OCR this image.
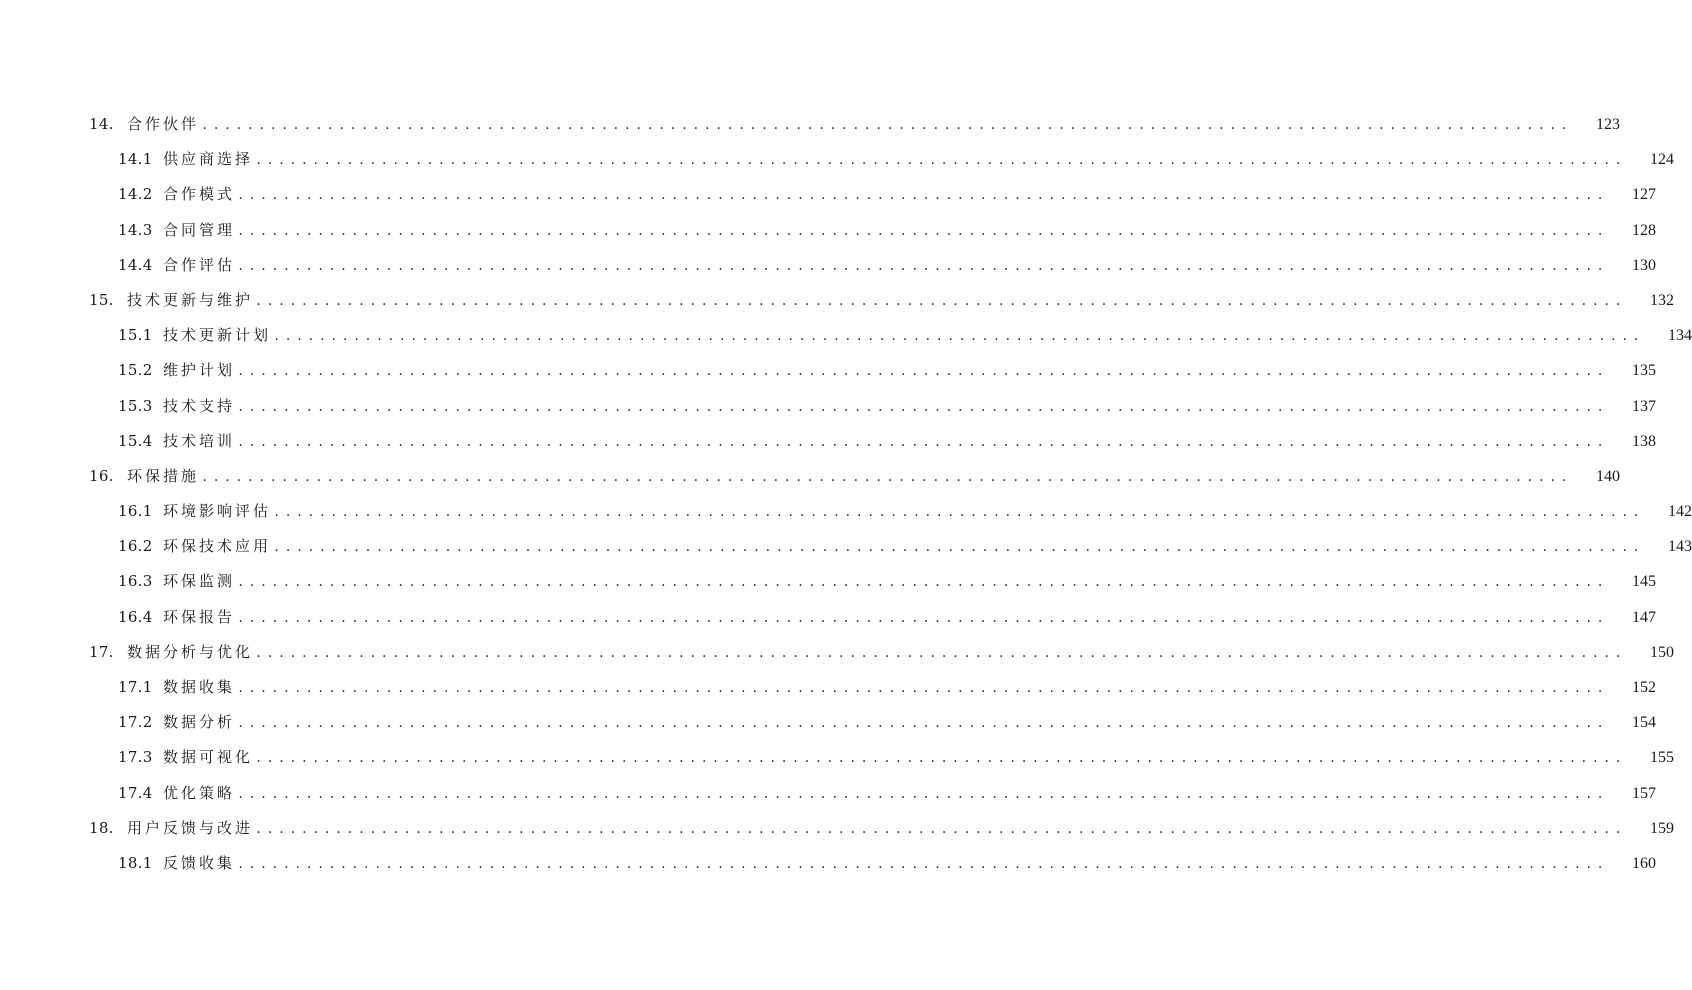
14. 合作伙伴 ........................................................................................................................	123
14.1 供应商选择 ........................................................................................................................	124
14.2 合作模式 ........................................................................................................................	127
14.3 合同管理 ........................................................................................................................	128
14.4 合作评估 ........................................................................................................................	130
15. 技术更新与维护 ........................................................................................................................	132
15.1 技术更新计划 ........................................................................................................................	134
15.2 维护计划 ........................................................................................................................	135
15.3 技术支持 ........................................................................................................................	137
15.4 技术培训 ........................................................................................................................	138
16. 环保措施 ........................................................................................................................	140
16.1 环境影响评估 ........................................................................................................................	142
16.2 环保技术应用 ........................................................................................................................	143
16.3 环保监测 ........................................................................................................................	145
16.4 环保报告 ........................................................................................................................	147
17. 数据分析与优化 ........................................................................................................................	150
17.1 数据收集 ........................................................................................................................	152
17.2 数据分析 ........................................................................................................................	154
17.3 数据可视化 ........................................................................................................................	155
17.4 优化策略 ........................................................................................................................	157
18. 用户反馈与改进 ........................................................................................................................	159
18.1 反馈收集 ........................................................................................................................	160
